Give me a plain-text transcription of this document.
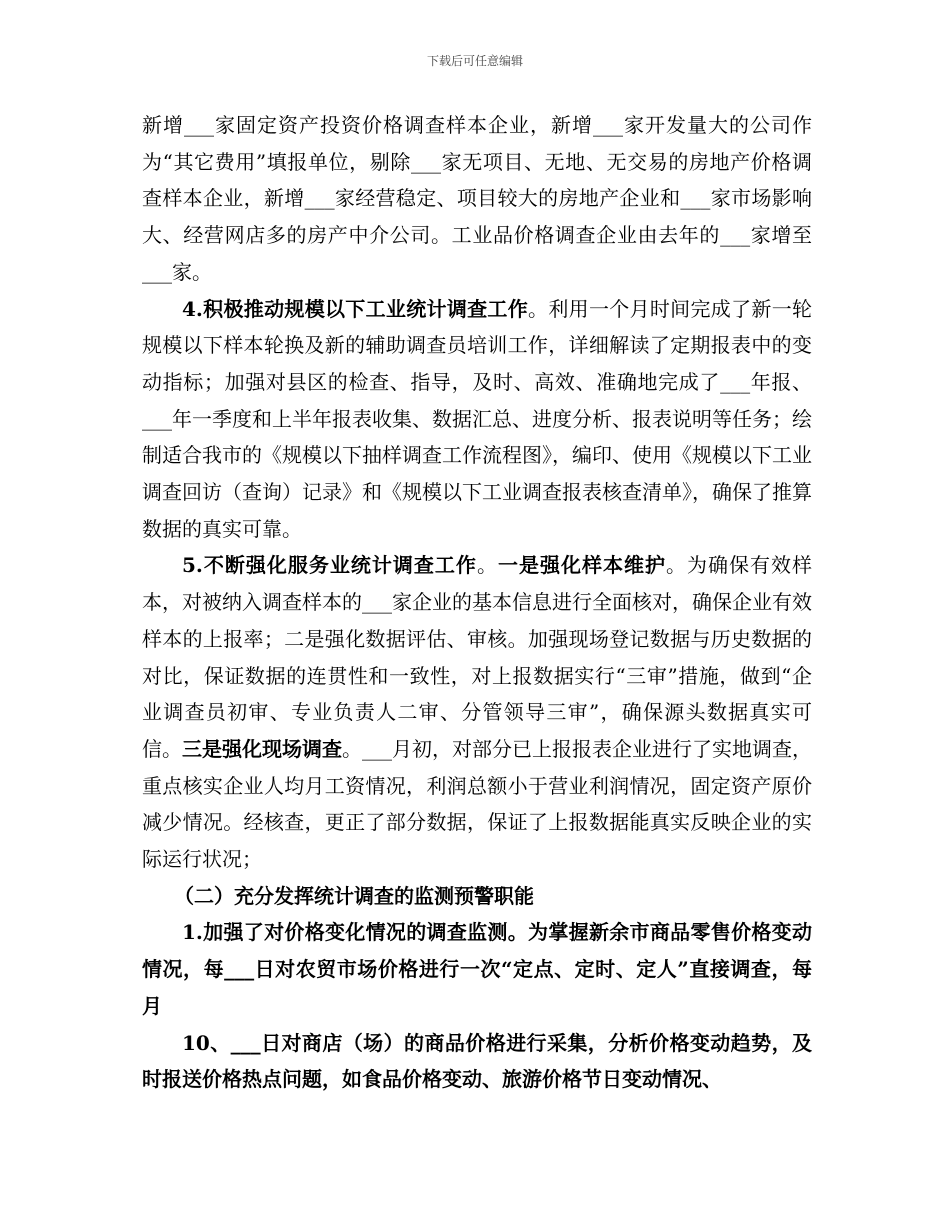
下载后可任意编辑

新增___家固定资产投资价格调查样本企业，新增___家开发量大的公司作为“其它费用”填报单位，剔除___家无项目、无地、无交易的房地产价格调查样本企业，新增___家经营稳定、项目较大的房地产企业和___家市场影响大、经营网店多的房产中介公司。工业品价格调查企业由去年的___家增至___家。

4.积极推动规模以下工业统计调查工作。利用一个月时间完成了新一轮规模以下样本轮换及新的辅助调查员培训工作，详细解读了定期报表中的变动指标；加强对县区的检查、指导，及时、高效、准确地完成了___年报、___年一季度和上半年报表收集、数据汇总、进度分析、报表说明等任务；绘制适合我市的《规模以下抽样调查工作流程图》，编印、使用《规模以下工业调查回访（查询）记录》和《规模以下工业调查报表核查清单》，确保了推算数据的真实可靠。

5.不断强化服务业统计调查工作。一是强化样本维护。为确保有效样本，对被纳入调查样本的___家企业的基本信息进行全面核对，确保企业有效样本的上报率；二是强化数据评估、审核。加强现场登记数据与历史数据的对比，保证数据的连贯性和一致性，对上报数据实行“三审”措施，做到“企业调查员初审、专业负责人二审、分管领导三审”，确保源头数据真实可信。三是强化现场调查。___月初，对部分已上报报表企业进行了实地调查，重点核实企业人均月工资情况，利润总额小于营业利润情况，固定资产原价减少情况。经核查，更正了部分数据，保证了上报数据能真实反映企业的实际运行状况；

（二）充分发挥统计调查的监测预警职能

1.加强了对价格变化情况的调查监测。为掌握新余市商品零售价格变动情况，每___日对农贸市场价格进行一次“定点、定时、定人”直接调查，每月

10、___日对商店（场）的商品价格进行采集，分析价格变动趋势，及时报送价格热点问题，如食品价格变动、旅游价格节日变动情况、
